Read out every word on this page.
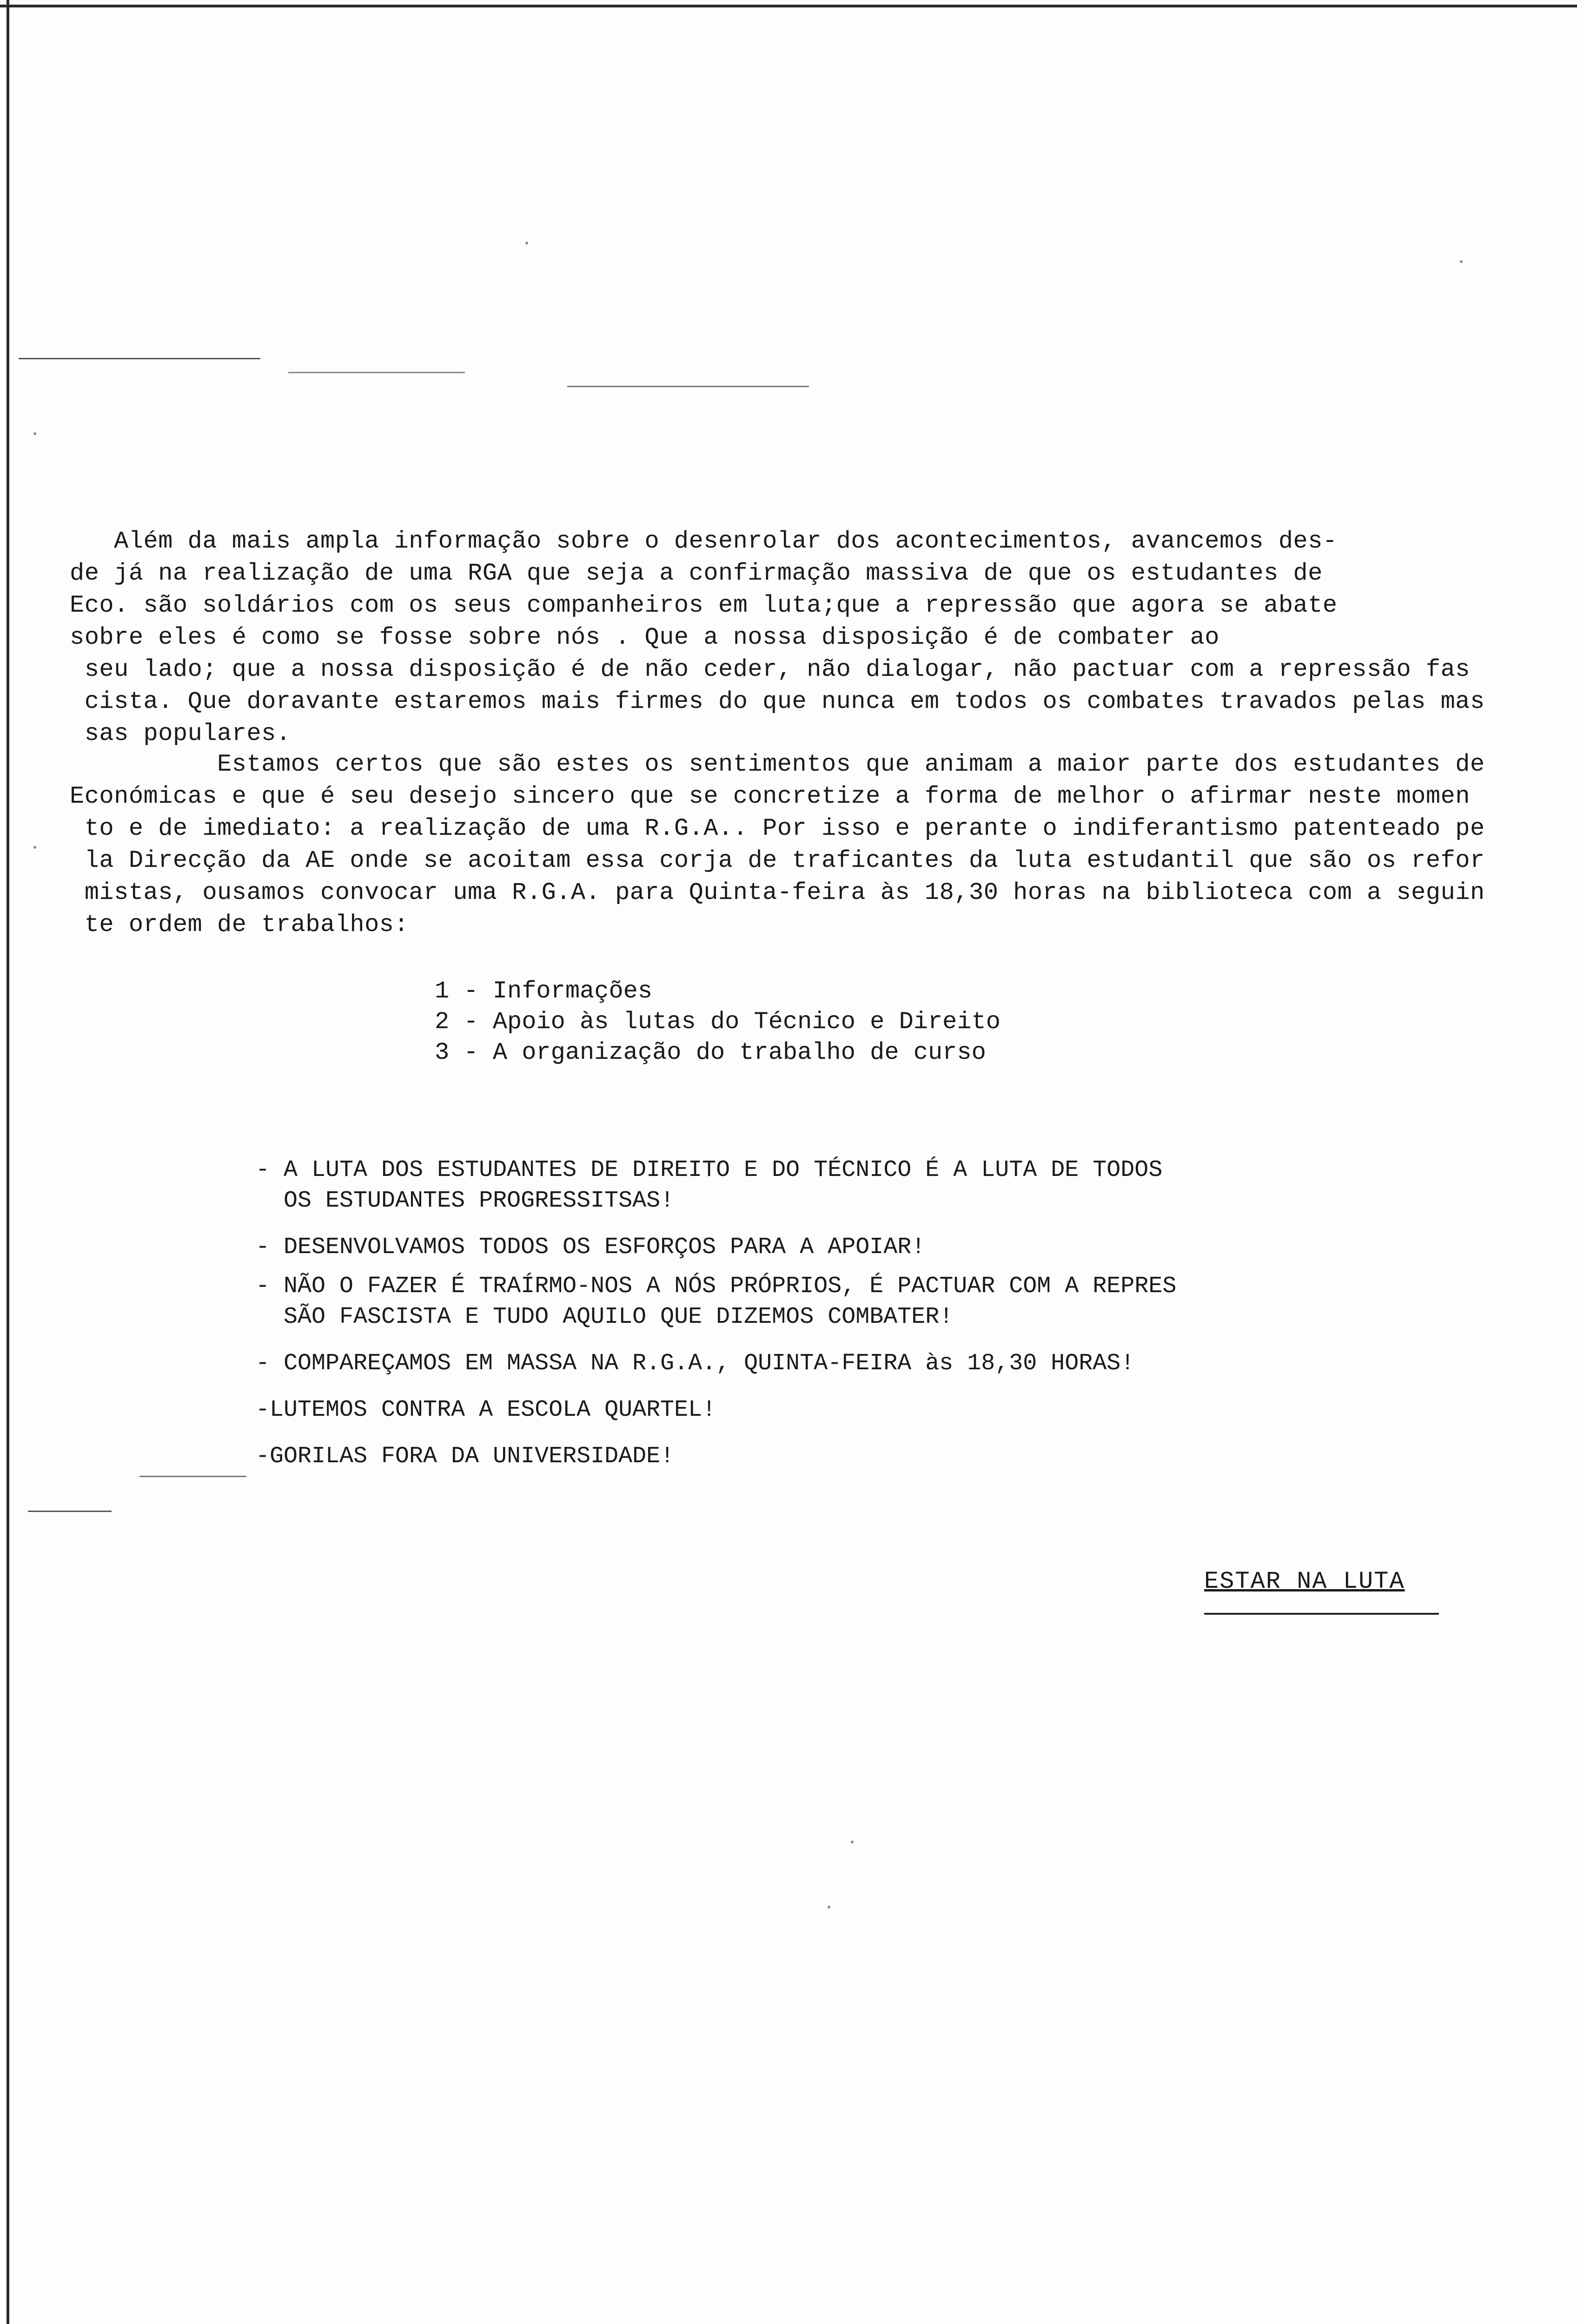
Além da mais ampla informação sobre o desenrolar dos acontecimentos, avancemos des-

de já na realização de uma RGA que seja a confirmação massiva de que os estudantes de

Eco. são soldários com os seus companheiros em luta;que a repressão que agora se abate

sobre eles é como se fosse sobre nós . Que a nossa disposição é de combater ao

seu lado; que a nossa disposição é de não ceder, não dialogar, não pactuar com a repressão fas

cista. Que doravante estaremos mais firmes do que nunca em todos os combates travados pelas mas

sas populares.

Estamos certos que são estes os sentimentos que animam a maior parte dos estudantes de

Económicas e que é seu desejo sincero que se concretize a forma de melhor o afirmar neste momen

to e de imediato: a realização de uma R.G.A.. Por isso e perante o indiferantismo patenteado pe

la Direcção da AE onde se acoitam essa corja de traficantes da luta estudantil que são os refor

mistas, ousamos convocar uma R.G.A. para Quinta-feira às 18,30 horas na biblioteca com a seguin

te ordem de trabalhos:

1 - Informações
2 - Apoio às lutas do Técnico e Direito
3 - A organização do trabalho de curso
- A LUTA DOS ESTUDANTES DE DIREITO E DO TÉCNICO É A LUTA DE TODOS
OS ESTUDANTES PROGRESSITSAS!
- DESENVOLVAMOS TODOS OS ESFORÇOS PARA A APOIAR!
- NÃO O FAZER É TRAÍRMO-NOS A NÓS PRÓPRIOS, É PACTUAR COM A REPRES
SÃO FASCISTA E TUDO AQUILO QUE DIZEMOS COMBATER!
- COMPAREÇAMOS EM MASSA NA R.G.A., QUINTA-FEIRA às 18,30 HORAS!
-LUTEMOS CONTRA A ESCOLA QUARTEL!
-GORILAS FORA DA UNIVERSIDADE!
ESTAR NA LUTA
